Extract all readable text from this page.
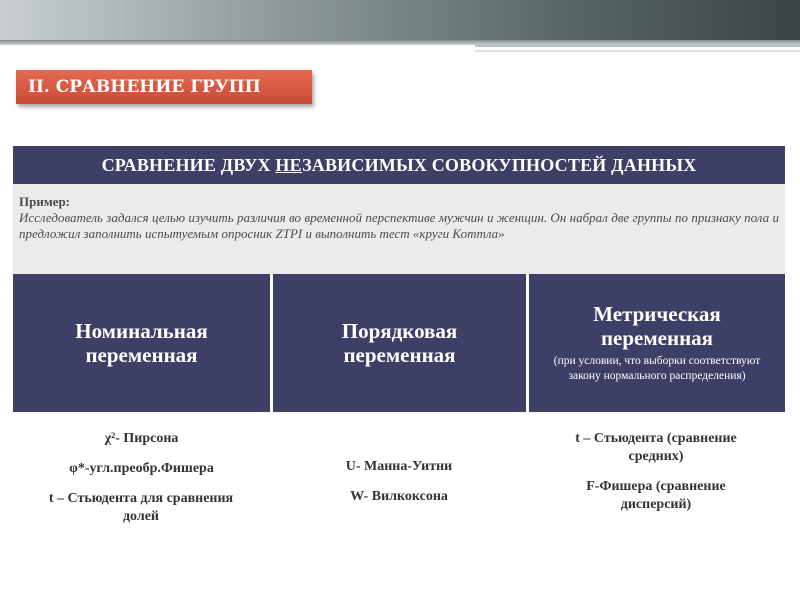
II. СРАВНЕНИЕ ГРУПП
СРАВНЕНИЕ ДВУХ НЕЗАВИСИМЫХ СОВОКУПНОСТЕЙ ДАННЫХ
Пример:
Исследователь задался целью изучить различия во временной перспективе мужчин и женщин. Он набрал две группы по признаку пола и предложил заполнить испытуемым опросник ZTPI и выполнить тест «круги Коттла»
Номинальная переменная
Порядковая переменная
Метрическая переменная
(при условии, что выборки соответствуют закону нормального распределения)
χ²- Пирсона
φ*-угл.преобр.Фишера
t – Стьюдента для сравнения долей
U- Манна-Уитни
W- Вилкоксона
t – Стьюдента (сравнение средних)
F-Фишера (сравнение дисперсий)
